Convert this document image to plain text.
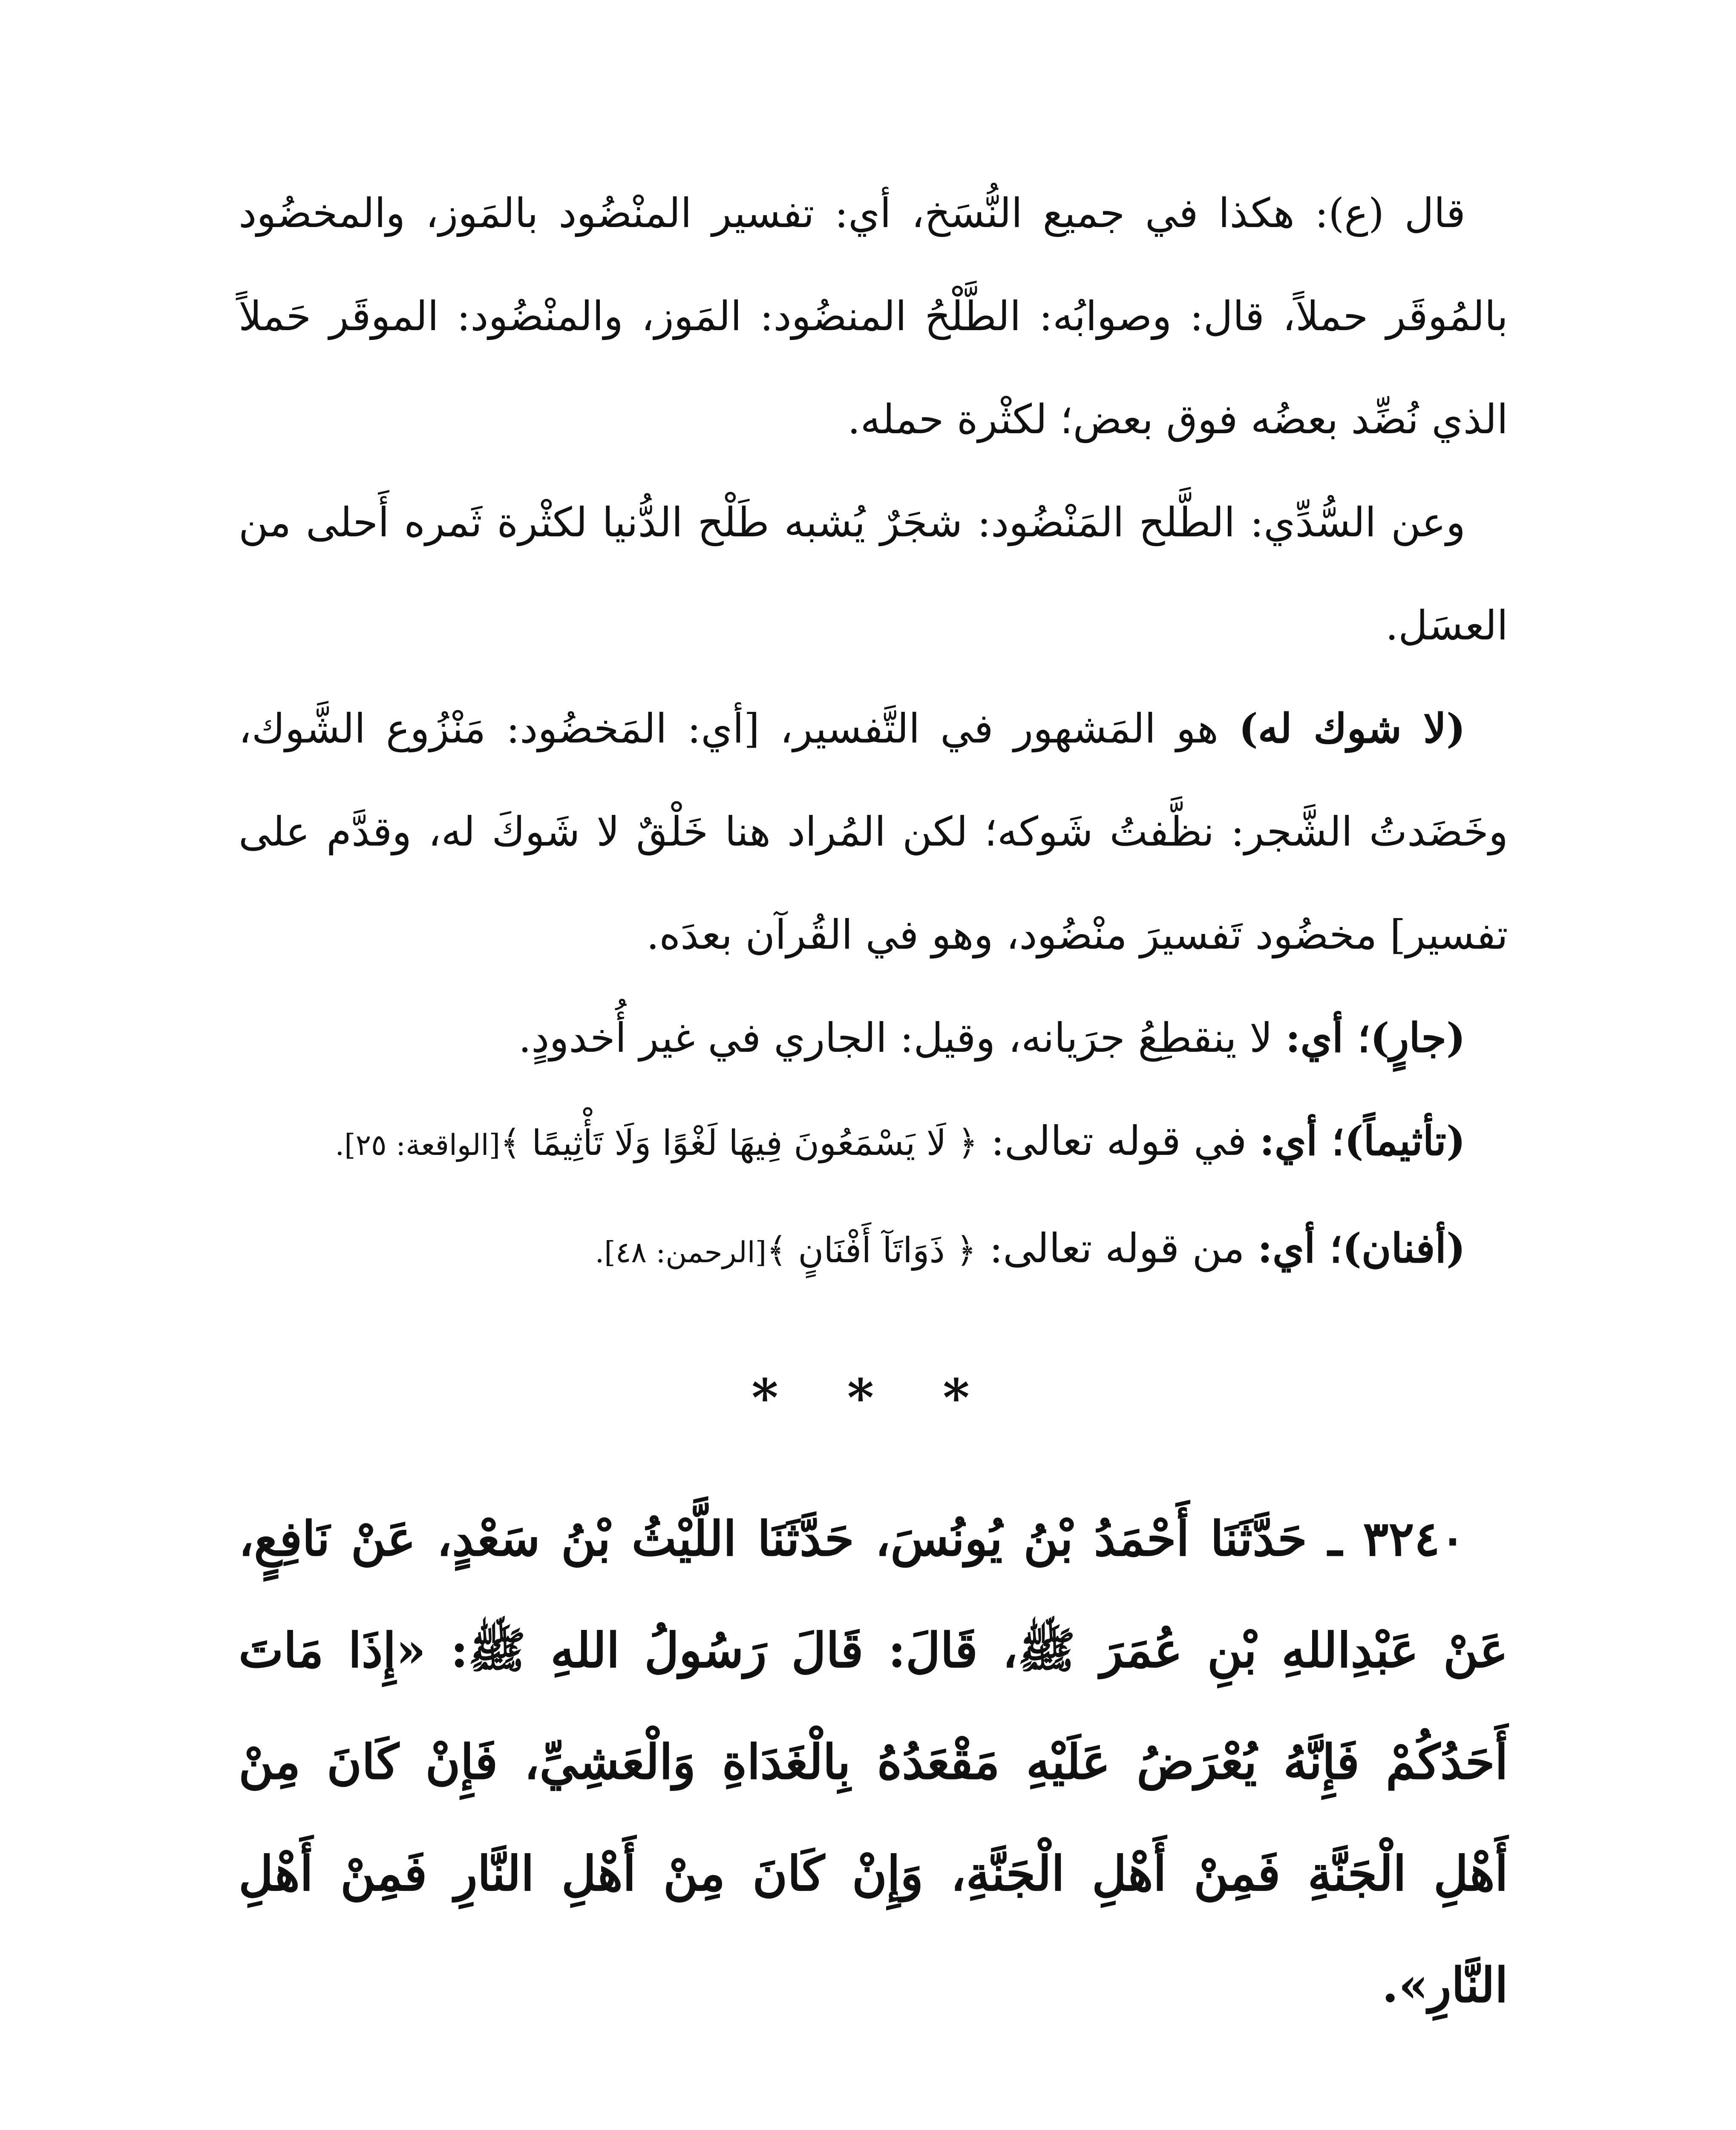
قال (ع): هكذا في جميع النُّسَخ، أي: تفسير المنْضُود بالمَوز، والمخضُود بالمُوقَر حملاً، قال: وصوابُه: الطَّلْحُ المنضُود: المَوز، والمنْضُود: الموقَر حَملاً الذي نُضِّد بعضُه فوق بعض؛ لكثْرة حمله.

وعن السُّدِّي: الطَّلح المَنْضُود: شجَرٌ يُشبه طَلْح الدُّنيا لكثْرة ثَمره أَحلى من العسَل.

(لا شوك له) هو المَشهور في التَّفسير، [أي: المَخضُود: مَنْزُوع الشَّوك، وخَضَدتُ الشَّجر: نظَّفتُ شَوكه؛ لكن المُراد هنا خَلْقٌ لا شَوكَ له، وقدَّم على تفسير] مخضُود تَفسيرَ منْضُود، وهو في القُرآن بعدَه.

(جارٍ)؛ أي: لا ينقطِعُ جرَيانه، وقيل: الجاري في غير أُخدودٍ.

(تأثيماً)؛ أي: في قوله تعالى: ﴿ لَا يَسْمَعُونَ فِيهَا لَغْوًا وَلَا تَأْثِيمًا ﴾[الواقعة: ٢٥].

(أفنان)؛ أي: من قوله تعالى: ﴿ ذَوَاتَآ أَفْنَانٍ ﴾[الرحمن: ٤٨].

* * *

٣٢٤٠ ـ حَدَّثَنَا أَحْمَدُ بْنُ يُونُسَ، حَدَّثَنَا اللَّيْثُ بْنُ سَعْدٍ، عَنْ نَافِعٍ، عَنْ عَبْدِاللهِ بْنِ عُمَرَ ﷺ، قَالَ: قَالَ رَسُولُ اللهِ ﷺ: «إِذَا مَاتَ أَحَدُكُمْ فَإِنَّهُ يُعْرَضُ عَلَيْهِ مَقْعَدُهُ بِالْغَدَاةِ وَالْعَشِيِّ، فَإِنْ كَانَ مِنْ أَهْلِ الْجَنَّةِ فَمِنْ أَهْلِ الْجَنَّةِ، وَإِنْ كَانَ مِنْ أَهْلِ النَّارِ فَمِنْ أَهْلِ النَّارِ».
